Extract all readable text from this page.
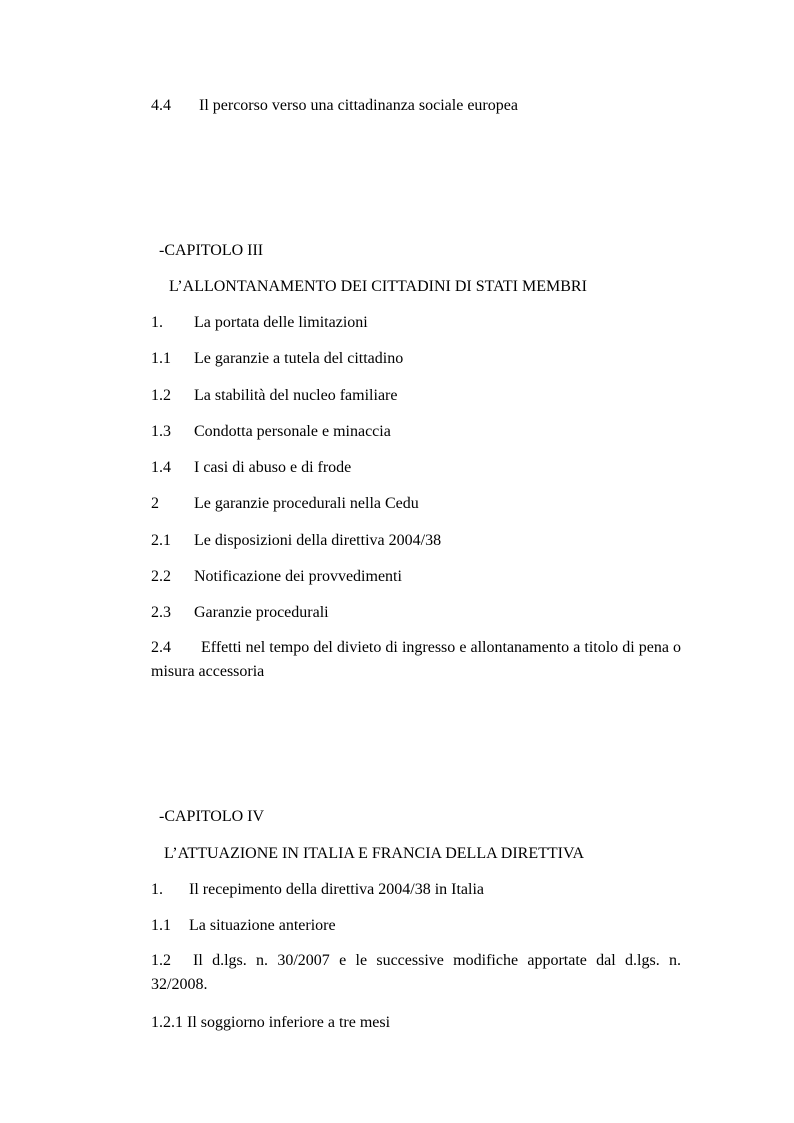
4.4 Il percorso verso una cittadinanza sociale europea
-CAPITOLO III
L’ALLONTANAMENTO DEI CITTADINI DI STATI MEMBRI
1. La portata delle limitazioni
1.1 Le garanzie a tutela del cittadino
1.2 La stabilità del nucleo familiare
1.3 Condotta personale e minaccia
1.4 I casi di abuso e di frode
2 Le garanzie procedurali nella Cedu
2.1 Le disposizioni della direttiva 2004/38
2.2 Notificazione dei provvedimenti
2.3 Garanzie procedurali
2.4 Effetti nel tempo del divieto di ingresso e allontanamento a titolo di pena o misura accessoria
-CAPITOLO IV
L’ATTUAZIONE IN ITALIA E FRANCIA DELLA DIRETTIVA
1. Il recepimento della direttiva 2004/38 in Italia
1.1 La situazione anteriore
1.2 Il d.lgs. n. 30/2007 e le successive modifiche apportate dal d.lgs. n. 32/2008.
1.2.1 Il soggiorno inferiore a tre mesi
